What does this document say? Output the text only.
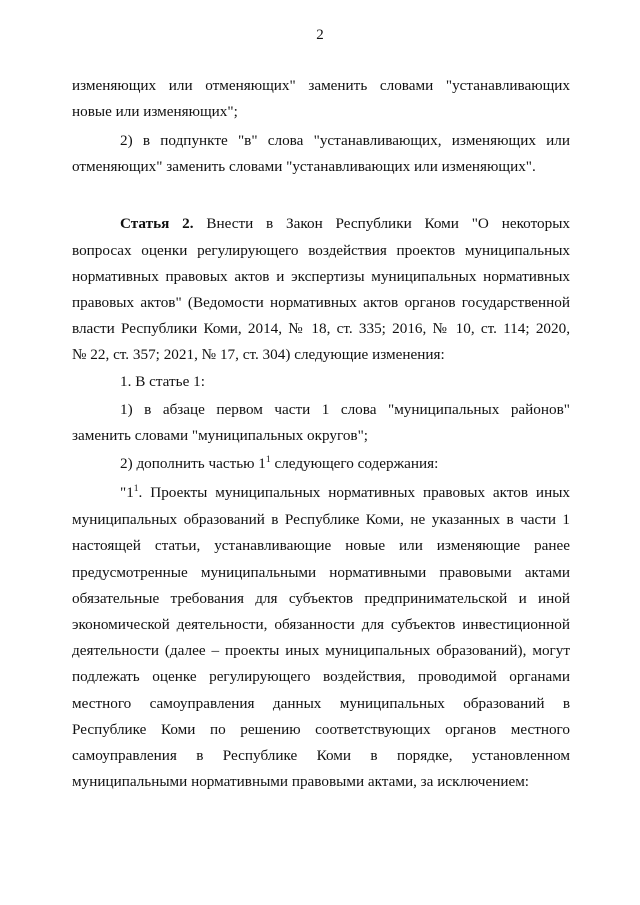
2
изменяющих или отменяющих" заменить словами "устанавливающих
новые или изменяющих";
2) в подпункте "в" слова "устанавливающих, изменяющих или
отменяющих" заменить словами "устанавливающих или изменяющих".
Статья 2. Внести в Закон Республики Коми "О некоторых
вопросах оценки регулирующего воздействия проектов муниципальных
нормативных правовых актов и экспертизы муниципальных нормативных
правовых актов" (Ведомости нормативных актов органов государственной
власти Республики Коми, 2014, № 18, ст. 335; 2016, № 10, ст. 114; 2020,
№ 22, ст. 357; 2021, № 17, ст. 304) следующие изменения:
1. В статье 1:
1) в абзаце первом части 1 слова "муниципальных районов"
заменить словами "муниципальных округов";
2) дополнить частью $1^1$ следующего содержания:
"$1^1$. Проекты муниципальных нормативных правовых актов иных
муниципальных образований в Республике Коми, не указанных в части 1
настоящей статьи, устанавливающие новые или изменяющие ранее
предусмотренные муниципальными нормативными правовыми актами
обязательные требования для субъектов предпринимательской и иной
экономической деятельности, обязанности для субъектов инвестиционной
деятельности (далее – проекты иных муниципальных образований), могут
подлежать оценке регулирующего воздействия, проводимой органами
местного самоуправления данных муниципальных образований в
Республике Коми по решению соответствующих органов местного
самоуправления в Республике Коми в порядке, установленном
муниципальными нормативными правовыми актами, за исключением:
